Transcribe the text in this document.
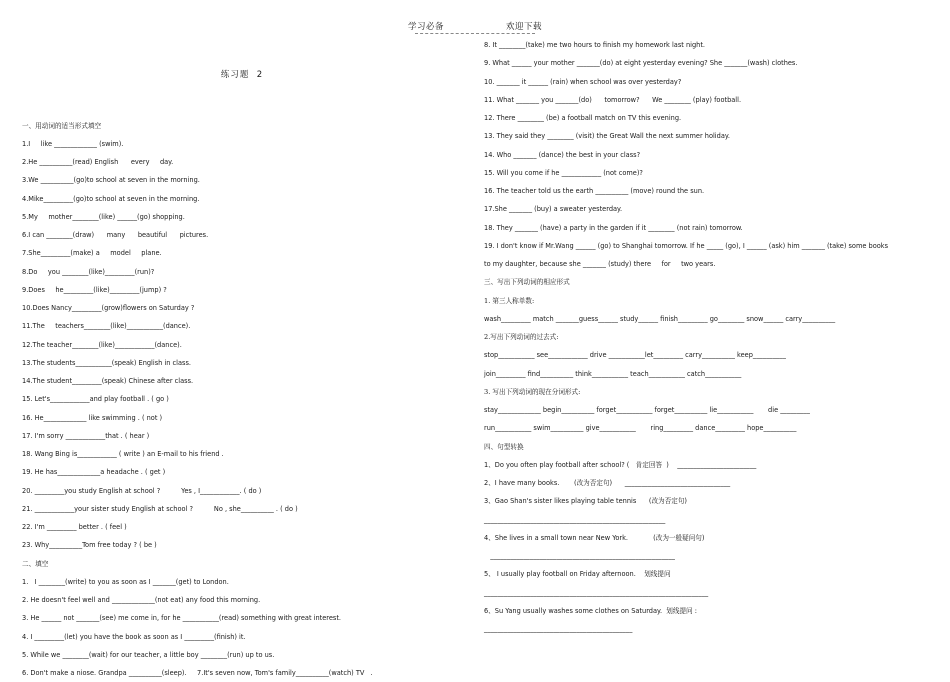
学习必备	欢迎下载

练习题  2

一、用动词的适当形式填空
1.I     like _____________ (swim).
2.He __________(read) English      every     day.
3.We __________(go)to school at seven in the morning.
4.Mike_________(go)to school at seven in the morning.
5.My     mother________(like) ______(go) shopping.
6.I can ________(draw)      many      beautiful      pictures.
7.She_________(make) a     model     plane.
8.Do     you ________(like)_________(run)?
9.Does     he_________(like)_________(jump) ?
10.Does Nancy_________(grow)flowers on Saturday ?
11.The     teachers________(like)___________(dance).
12.The teacher________(like)____________(dance).
13.The students___________(speak) English in class.
14.The student_________(speak) Chinese after class.
15. Let's____________and play football . ( go )
16. He_____________ like swimming . ( not )
17. I'm sorry ____________that . ( hear )
18. Wang Bing is____________ ( write ) an E-mail to his friend .
19. He has_____________a headache . ( get )
20. _________you study English at school ?          Yes , I____________. ( do )
21. ____________your sister study English at school ?          No , she__________ . ( do )
22. I'm _________ better . ( feel )
23. Why__________Tom free today ? ( be )
二、填空
1.   I ________(write) to you as soon as I _______(get) to London.
2. He doesn't feel well and _____________(not eat) any food this morning.
3. He ______ not _______(see) me come in, for he ___________(read) something with great interest.
4. I _________(let) you have the book as soon as I _________(finish) it.
5. While we ________(wait) for our teacher, a little boy ________(run) up to us.
6. Don't make a niose. Grandpa __________(sleep).     7.It's seven now, Tom's family__________(watch) TV   .
8. It ________(take) me two hours to finish my homework last night.
9. What ______ your mother _______(do) at eight yesterday evening? She _______(wash) clothes.
10. _______ it ______ (rain) when school was over yesterday?
11. What _______ you _______(do)      tomorrow?      We ________ (play) football.
12. There ________ (be) a football match on TV this evening.
13. They said they ________ (visit) the Great Wall the next summer holiday.
14. Who _______ (dance) the best in your class?
15. Will you come if he ____________ (not come)?
16. The teacher told us the earth __________ (move) round the sun.
17.She _______ (buy) a sweater yesterday.
18. They _______ (have) a party in the garden if it ________ (not rain) tomorrow.
19. I don't know if Mr.Wang ______ (go) to Shanghai tomorrow. If he _____ (go), I ______ (ask) him _______ (take) some books
to my daughter, because she _______ (study) there     for     two years.
三、写出下列动词的相应形式
1. 第三人称单数:
wash_________ match _______guess______ study______ finish_________ go________ snow______ carry__________
2.写出下列动词的过去式:
stop___________ see____________ drive ___________let_________ carry__________ keep__________
join_________ find__________ think___________ teach___________ catch___________
3. 写出下列动词的现在分词形式:
stay_____________ begin__________ forget___________ forget__________ lie___________       die _________
run___________ swim__________ give___________       ring_________ dance_________ hope__________
四、句型转换
1、Do you often play football after school? (   肯定回答  )    ________________________
2、I have many books.       (改为否定句)      ________________________________
3、Gao Shan's sister likes playing table tennis      (改为否定句)
_______________________________________________________
4、She lives in a small town near New York.            (改为一般疑问句)
________________________________________________________
5、 I usually play football on Friday afternoon.    划线提问
____________________________________________________________________
6、Su Yang usually washes some clothes on Saturday.  划线提问 :
_____________________________________________
